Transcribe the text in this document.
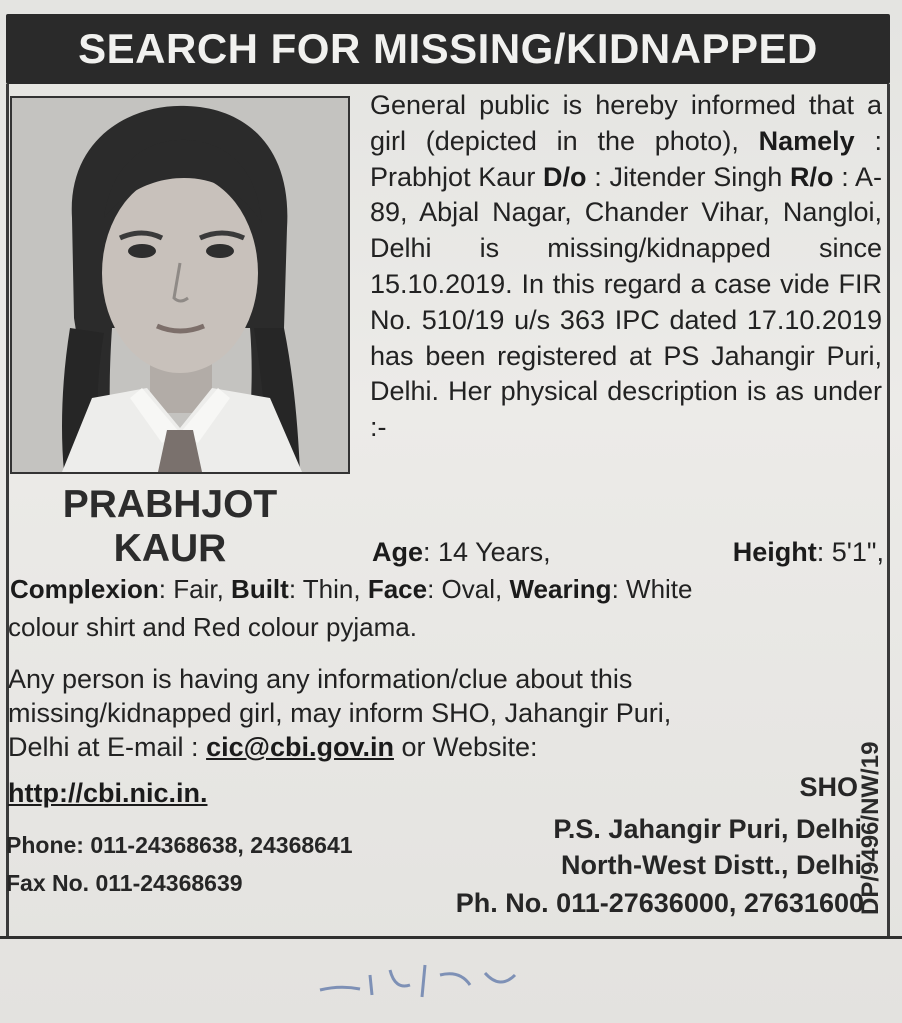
SEARCH FOR MISSING/KIDNAPPED
PRABHJOT
KAUR

General public is hereby informed that a girl (depicted in the photo), Namely : Prabhjot Kaur D/o : Jitender Singh R/o : A-89, Abjal Nagar, Chander Vihar, Nangloi, Delhi is missing/kidnapped since 15.10.2019. In this regard a case vide FIR No. 510/19 u/s 363 IPC dated 17.10.2019 has been registered at PS Jahangir Puri, Delhi. Her physical description is as under :-

Age: 14 Years,	Height: 5'1",

Complexion: Fair, Built: Thin, Face: Oval, Wearing: White

colour shirt and Red colour pyjama.

Any person is having any information/clue about this

missing/kidnapped girl, may inform SHO, Jahangir Puri,

Delhi at E-mail : cic@cbi.gov.in or Website:

http://cbi.nic.in.

Phone: 011-24368638, 24368641

Fax No. 011-24368639

SHO

P.S. Jahangir Puri, Delhi

North-West Distt., Delhi

Ph. No. 011-27636000, 27631600

DP/9496/NW/19
